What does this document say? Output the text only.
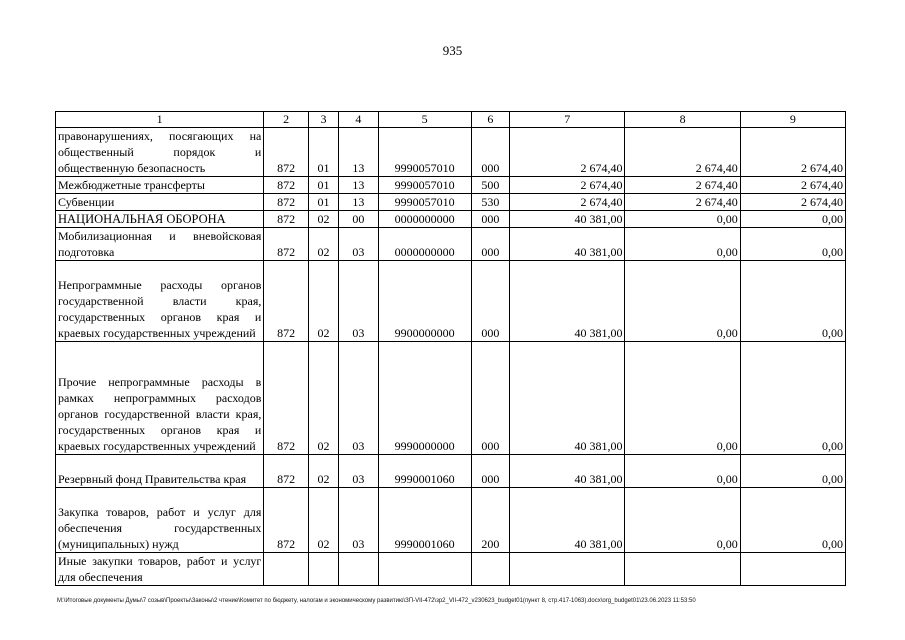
935
1	2	3	4	5	6	7	8	9
правонарушениях, посягающих на общественный порядок и общественную безопасность	872	01	13	9990057010	000	2 674,40	2 674,40	2 674,40
Межбюджетные трансферты	872	01	13	9990057010	500	2 674,40	2 674,40	2 674,40
Субвенции	872	01	13	9990057010	530	2 674,40	2 674,40	2 674,40
НАЦИОНАЛЬНАЯ ОБОРОНА	872	02	00	0000000000	000	40 381,00	0,00	0,00
Мобилизационная и вневойсковая подготовка	872	02	03	0000000000	000	40 381,00	0,00	0,00
Непрограммные расходы органов государственной власти края, государственных органов края и краевых государственных учреждений	872	02	03	9900000000	000	40 381,00	0,00	0,00
Прочие непрограммные расходы в рамках непрограммных расходов органов государственной власти края, государственных органов края и краевых государственных учреждений	872	02	03	9990000000	000	40 381,00	0,00	0,00
Резервный фонд Правительства края	872	02	03	9990001060	000	40 381,00	0,00	0,00
Закупка товаров, работ и услуг для обеспечения государственных (муниципальных) нужд	872	02	03	9990001060	200	40 381,00	0,00	0,00
Иные закупки товаров, работ и услуг для обеспечения								
M:\Итоговые документы Думы\7 созыв\Проекты\Законы\2 чтение\Комитет по бюджету, налогам и экономическому развитию\ЗП-VII-472\зр2_VII-472_v230623_budget01(пункт 8, стр.417-1063).docx\org_budget01\23.06.2023 11:53:50
